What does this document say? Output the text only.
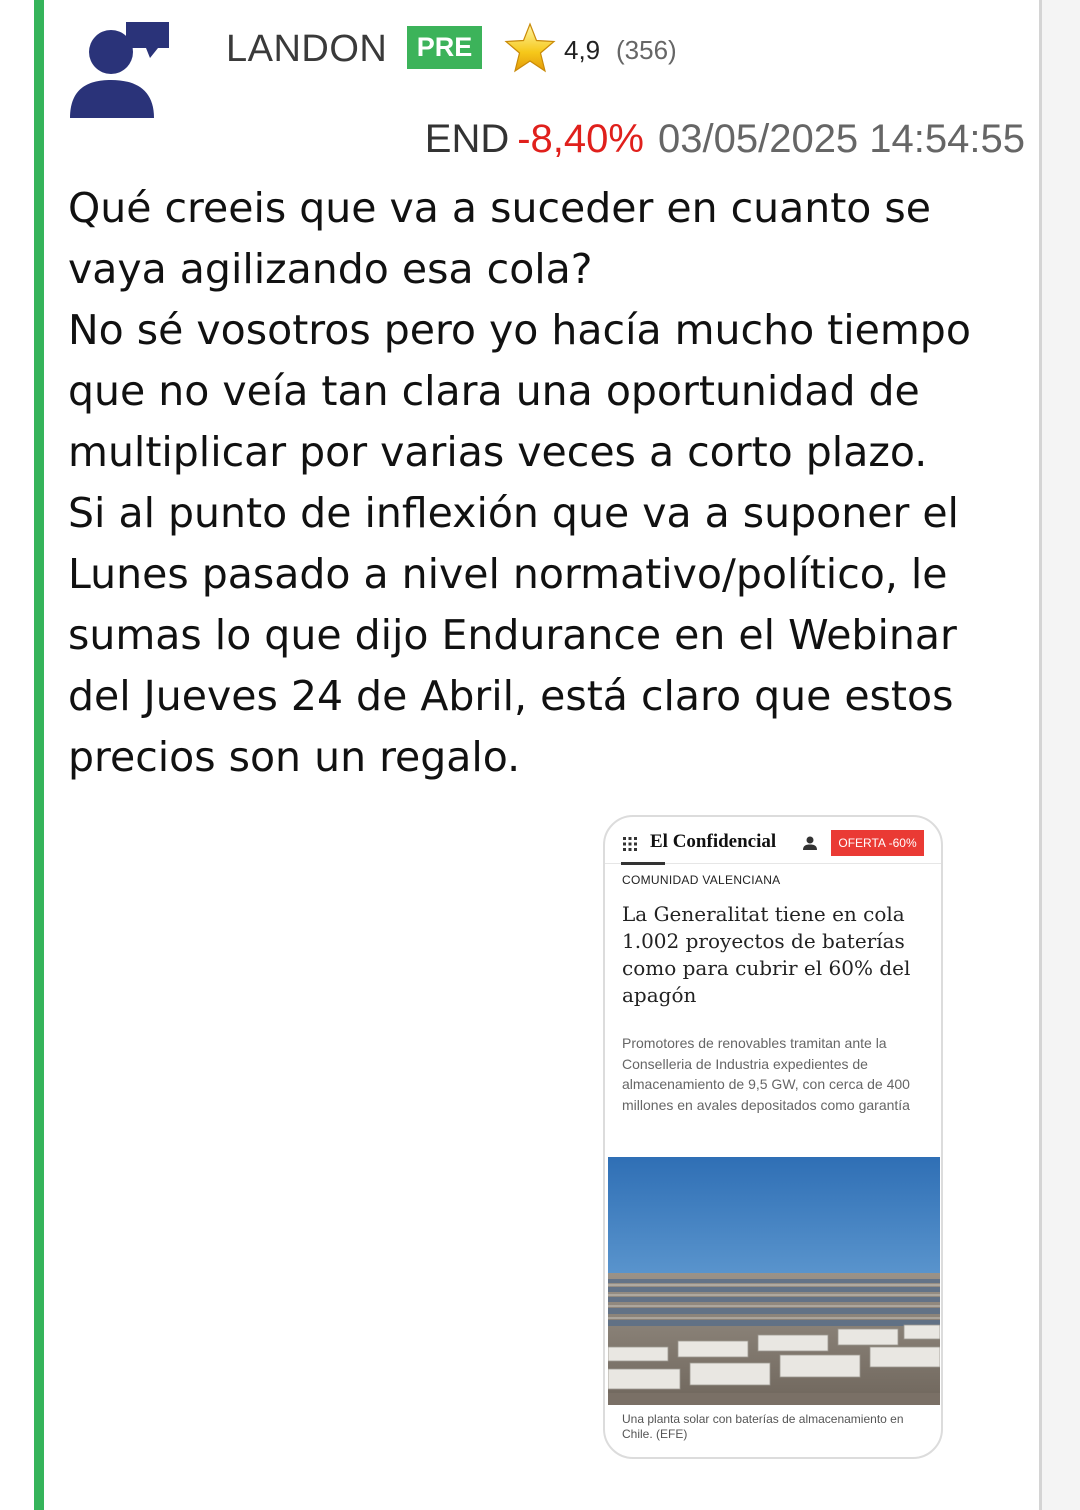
LANDON	PRE	4,9 (356)
END -8,40% 03/05/2025 14:54:55

Qué creeis que va a suceder en cuanto se

vaya agilizando esa cola?

No sé vosotros pero yo hacía mucho tiempo

que no veía tan clara una oportunidad de

multiplicar por varias veces a corto plazo.

Si al punto de inflexión que va a suponer el

Lunes pasado a nivel normativo/político, le

sumas lo que dijo Endurance en el Webinar

del Jueves 24 de Abril, está claro que estos

precios son un regalo.

El Confidencial	OFERTA -60%
COMUNIDAD VALENCIANA
La Generalitat tiene en cola 1.002 proyectos de baterías como para cubrir el 60% del apagón
Promotores de renovables tramitan ante la Conselleria de Industria expedientes de almacenamiento de 9,5 GW, con cerca de 400 millones en avales depositados como garantía
Una planta solar con baterías de almacenamiento en Chile. (EFE)
